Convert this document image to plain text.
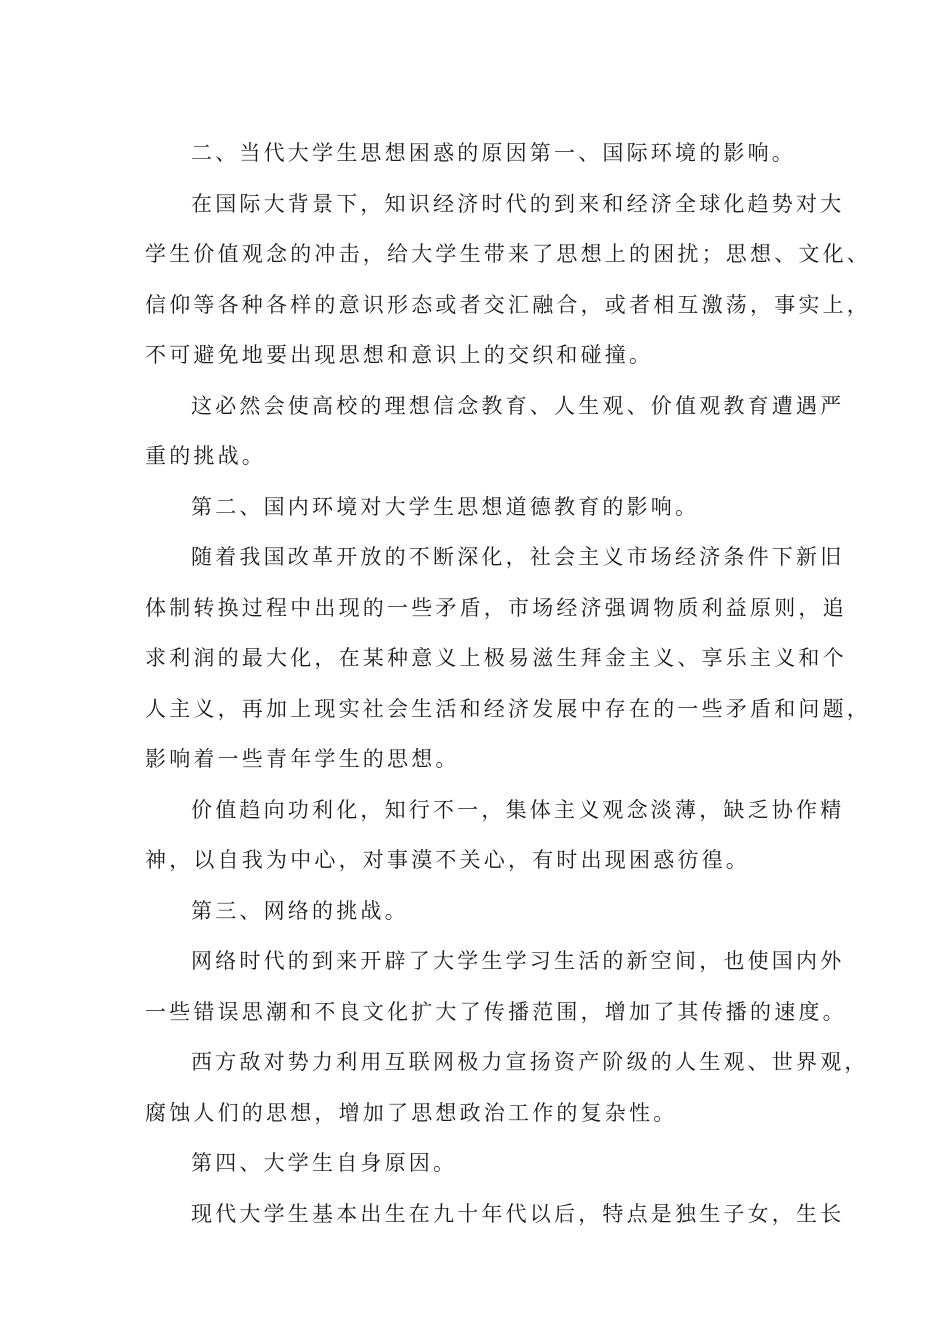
二、当代大学生思想困惑的原因第一、国际环境的影响。

在国际大背景下，知识经济时代的到来和经济全球化趋势对大
学生价值观念的冲击，给大学生带来了思想上的困扰；思想、文化、
信仰等各种各样的意识形态或者交汇融合，或者相互激荡，事实上，
不可避免地要出现思想和意识上的交织和碰撞。

这必然会使高校的理想信念教育、人生观、价值观教育遭遇严
重的挑战。

第二、国内环境对大学生思想道德教育的影响。

随着我国改革开放的不断深化，社会主义市场经济条件下新旧
体制转换过程中出现的一些矛盾，市场经济强调物质利益原则，追
求利润的最大化，在某种意义上极易滋生拜金主义、享乐主义和个
人主义，再加上现实社会生活和经济发展中存在的一些矛盾和问题，
影响着一些青年学生的思想。

价值趋向功利化，知行不一，集体主义观念淡薄，缺乏协作精
神，以自我为中心，对事漠不关心，有时出现困惑彷徨。

第三、网络的挑战。

网络时代的到来开辟了大学生学习生活的新空间，也使国内外
一些错误思潮和不良文化扩大了传播范围，增加了其传播的速度。

西方敌对势力利用互联网极力宣扬资产阶级的人生观、世界观，
腐蚀人们的思想，增加了思想政治工作的复杂性。

第四、大学生自身原因。

现代大学生基本出生在九十年代以后，特点是独生子女，生长
